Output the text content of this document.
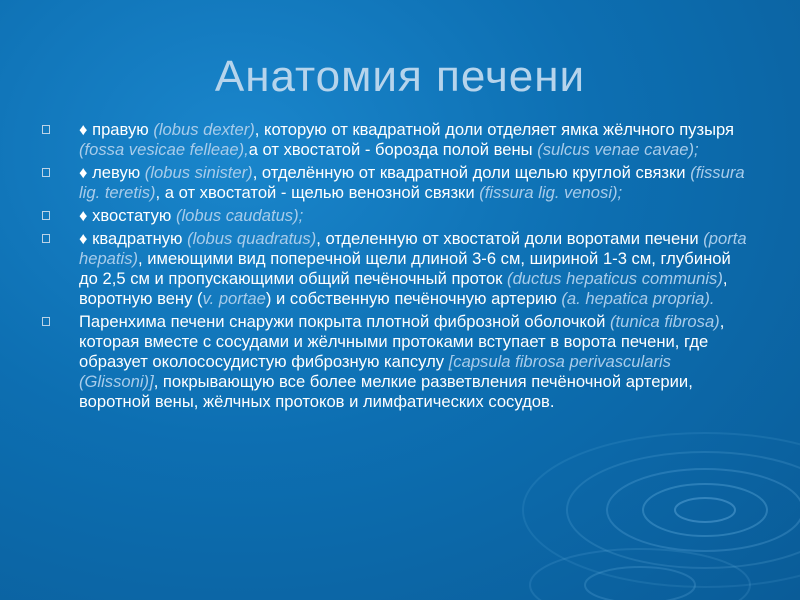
Анатомия печени
♦ правую (lobus dexter), которую от квадратной доли отделяет ямка жёлчного пузыря (fossa vesicae felleae),а от хвостатой - борозда полой вены (sulcus venae cavae);
♦ левую (lobus sinister), отделённую от квадратной доли щелью круглой связки (fissura lig. teretis), а от хвостатой - щелью венозной связки (fissura lig. venosi);
♦ хвостатую (lobus caudatus);
♦ квадратную (lobus quadratus), отделенную от хвостатой доли воротами печени (porta hepatis), имеющими вид поперечной щели длиной 3-6 см, шириной 1-3 см, глубиной до 2,5 см и пропускающими общий печёночный проток (ductus hepaticus communis), воротную вену (v. portae) и собственную печёночную артерию (a. hepatica propria).
Паренхима печени снаружи покрыта плотной фиброзной оболочкой (tunica fibrosa), которая вместе с сосудами и жёлчными протоками вступает в ворота печени, где образует околососудистую фиброзную капсулу [capsula fibrosa perivascularis (Glissoni)], покрывающую все более мелкие разветвления печёночной артерии, воротной вены, жёлчных протоков и лимфатических сосудов.
